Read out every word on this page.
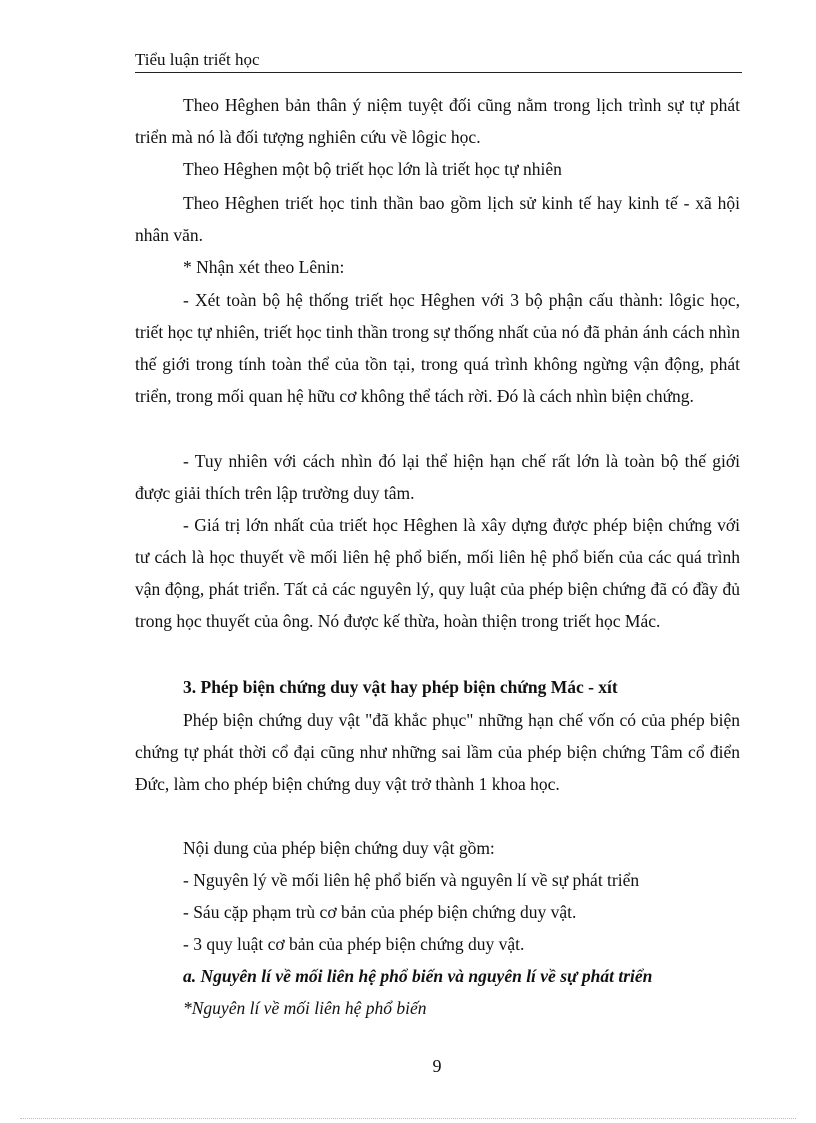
Tiểu luận triết học

Theo Hêghen bản thân ý niệm tuyệt đối cũng nằm trong lịch trình sự tự phát triển mà nó là đối tượng nghiên cứu về lôgic học.

Theo Hêghen một bộ triết học lớn là triết học tự nhiên

Theo Hêghen triết học tinh thần bao gồm lịch sử kinh tế hay kinh tế - xã hội nhân văn.

* Nhận xét theo Lênin:

- Xét toàn bộ hệ thống triết học Hêghen với 3 bộ phận cấu thành: lôgic học, triết học tự nhiên, triết học tinh thần trong sự thống nhất của nó đã phản ánh cách nhìn thế giới trong tính toàn thể của tồn tại, trong quá trình không ngừng vận động, phát triển, trong mối quan hệ hữu cơ không thể tách rời. Đó là cách nhìn biện chứng.

- Tuy nhiên với cách nhìn đó lại thể hiện hạn chế rất lớn là toàn bộ thế giới được giải thích trên lập trường duy tâm.

- Giá trị lớn nhất của triết học Hêghen là xây dựng được phép biện chứng với tư cách là học thuyết về mối liên hệ phổ biến, mối liên hệ phổ biến của các quá trình vận động, phát triển. Tất cả các nguyên lý, quy luật của phép biện chứng đã có đầy đủ trong học thuyết của ông. Nó được kế thừa, hoàn thiện trong triết học Mác.

3. Phép biện chứng duy vật hay phép biện chứng Mác - xít

Phép biện chứng duy vật "đã khắc phục" những hạn chế vốn có của phép biện chứng tự phát thời cổ đại cũng như những sai lầm của phép biện chứng Tâm cổ điển Đức, làm cho phép biện chứng duy vật trở thành 1 khoa học.

Nội dung của phép biện chứng duy vật gồm:

- Nguyên lý về mối liên hệ phổ biến và nguyên lí về sự phát triển

- Sáu cặp phạm trù cơ bản của phép biện chứng duy vật.

- 3 quy luật cơ bản của phép biện chứng duy vật.

a. Nguyên lí về mối liên hệ phổ biến và nguyên lí về sự phát triển

*Nguyên lí về mối liên hệ phổ biến

9
